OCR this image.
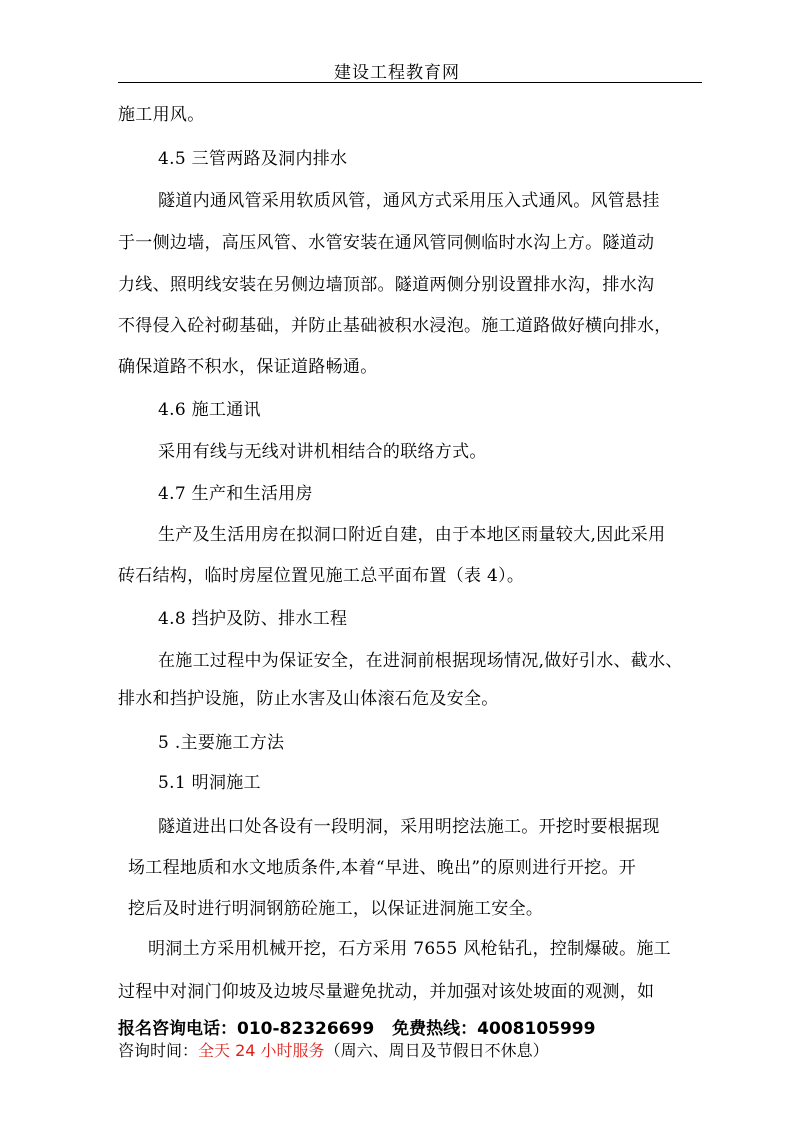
建设工程教育网
施工用风。
4.5 三管两路及洞内排水
隧道内通风管采用软质风管，通风方式采用压入式通风。风管悬挂
于一侧边墙，高压风管、水管安装在通风管同侧临时水沟上方。隧道动
力线、照明线安装在另侧边墙顶部。隧道两侧分别设置排水沟，排水沟
不得侵入砼衬砌基础，并防止基础被积水浸泡。施工道路做好横向排水，
确保道路不积水，保证道路畅通。
4.6 施工通讯
采用有线与无线对讲机相结合的联络方式。
4.7 生产和生活用房
生产及生活用房在拟洞口附近自建，由于本地区雨量较大,因此采用
砖石结构，临时房屋位置见施工总平面布置（表 4）。
4.8 挡护及防、排水工程
在施工过程中为保证安全，在进洞前根据现场情况,做好引水、截水、
排水和挡护设施，防止水害及山体滚石危及安全。
5 .主要施工方法
5.1 明洞施工
隧道进出口处各设有一段明洞，采用明挖法施工。开挖时要根据现
场工程地质和水文地质条件,本着“早进、晚出”的原则进行开挖。开
挖后及时进行明洞钢筋砼施工，以保证进洞施工安全。
明洞土方采用机械开挖，石方采用 7655 风枪钻孔，控制爆破。施工
过程中对洞门仰坡及边坡尽量避免扰动，并加强对该处坡面的观测，如
报名咨询电话：010-82326699 免费热线：4008105999
咨询时间：全天 24 小时服务（周六、周日及节假日不休息）
